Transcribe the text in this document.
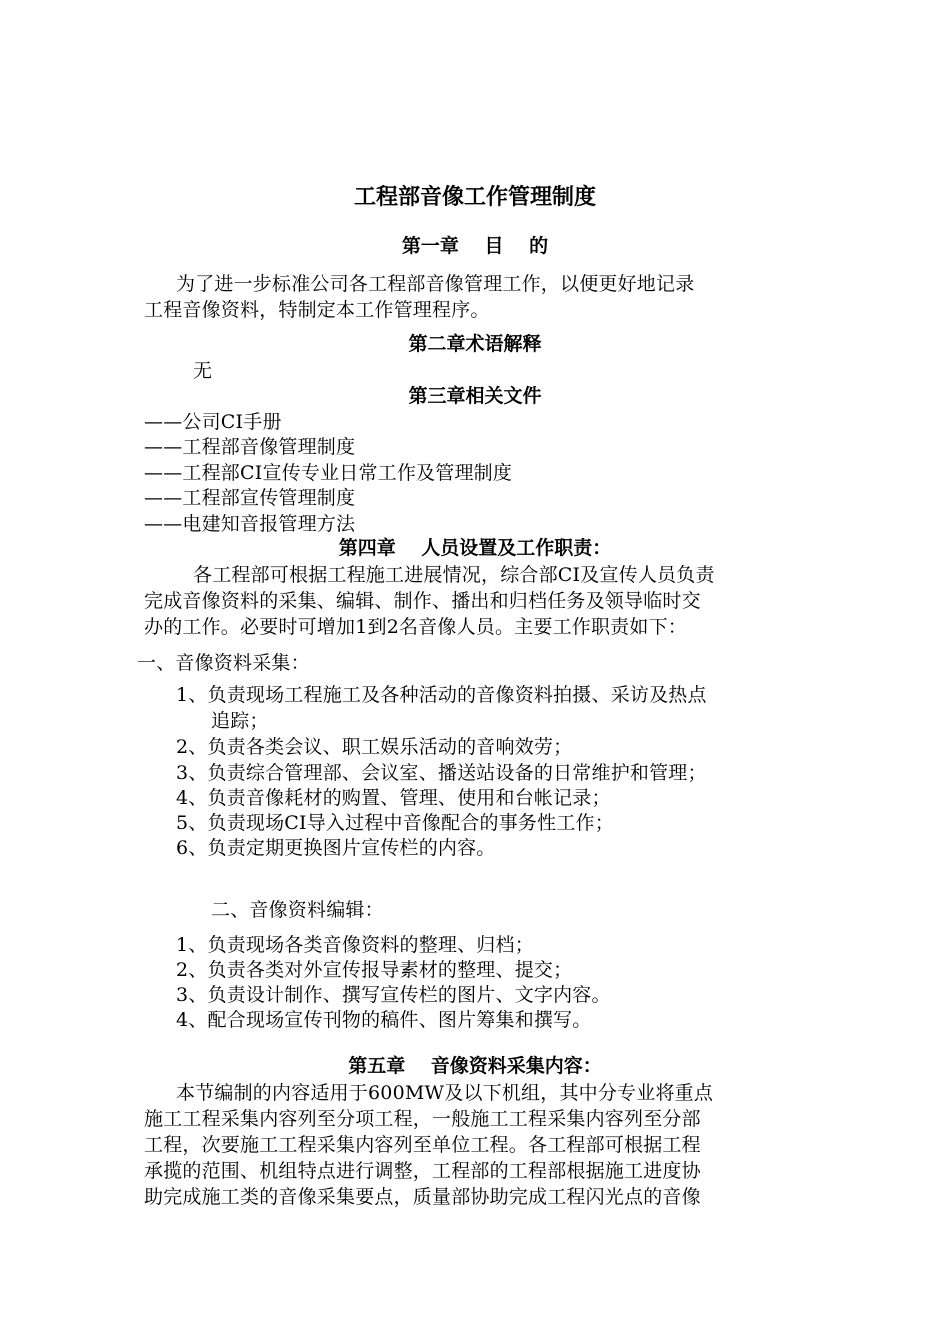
工程部音像工作管理制度
第一章　 目　 的
为了进一步标准公司各工程部音像管理工作，以便更好地记录
工程音像资料，特制定本工作管理程序。
第二章术语解释
无
第三章相关文件
——公司CI手册
——工程部音像管理制度
——工程部CI宣传专业日常工作及管理制度
——工程部宣传管理制度
——电建知音报管理方法
第四章　 人员设置及工作职责：
各工程部可根据工程施工进展情况，综合部CI及宣传人员负责
完成音像资料的采集、编辑、制作、播出和归档任务及领导临时交
办的工作。必要时可增加1到2名音像人员。主要工作职责如下：
一、音像资料采集：
1、负责现场工程施工及各种活动的音像资料拍摄、采访及热点
追踪；
2、负责各类会议、职工娱乐活动的音响效劳；
3、负责综合管理部、会议室、播送站设备的日常维护和管理；
4、负责音像耗材的购置、管理、使用和台帐记录；
5、负责现场CI导入过程中音像配合的事务性工作；
6、负责定期更换图片宣传栏的内容。
二、音像资料编辑：
1、负责现场各类音像资料的整理、归档；
2、负责各类对外宣传报导素材的整理、提交；
3、负责设计制作、撰写宣传栏的图片、文字内容。
4、配合现场宣传刊物的稿件、图片筹集和撰写。
第五章　 音像资料采集内容：
本节编制的内容适用于600MW及以下机组，其中分专业将重点
施工工程采集内容列至分项工程，一般施工工程采集内容列至分部
工程，次要施工工程采集内容列至单位工程。各工程部可根据工程
承揽的范围、机组特点进行调整，工程部的工程部根据施工进度协
助完成施工类的音像采集要点，质量部协助完成工程闪光点的音像
